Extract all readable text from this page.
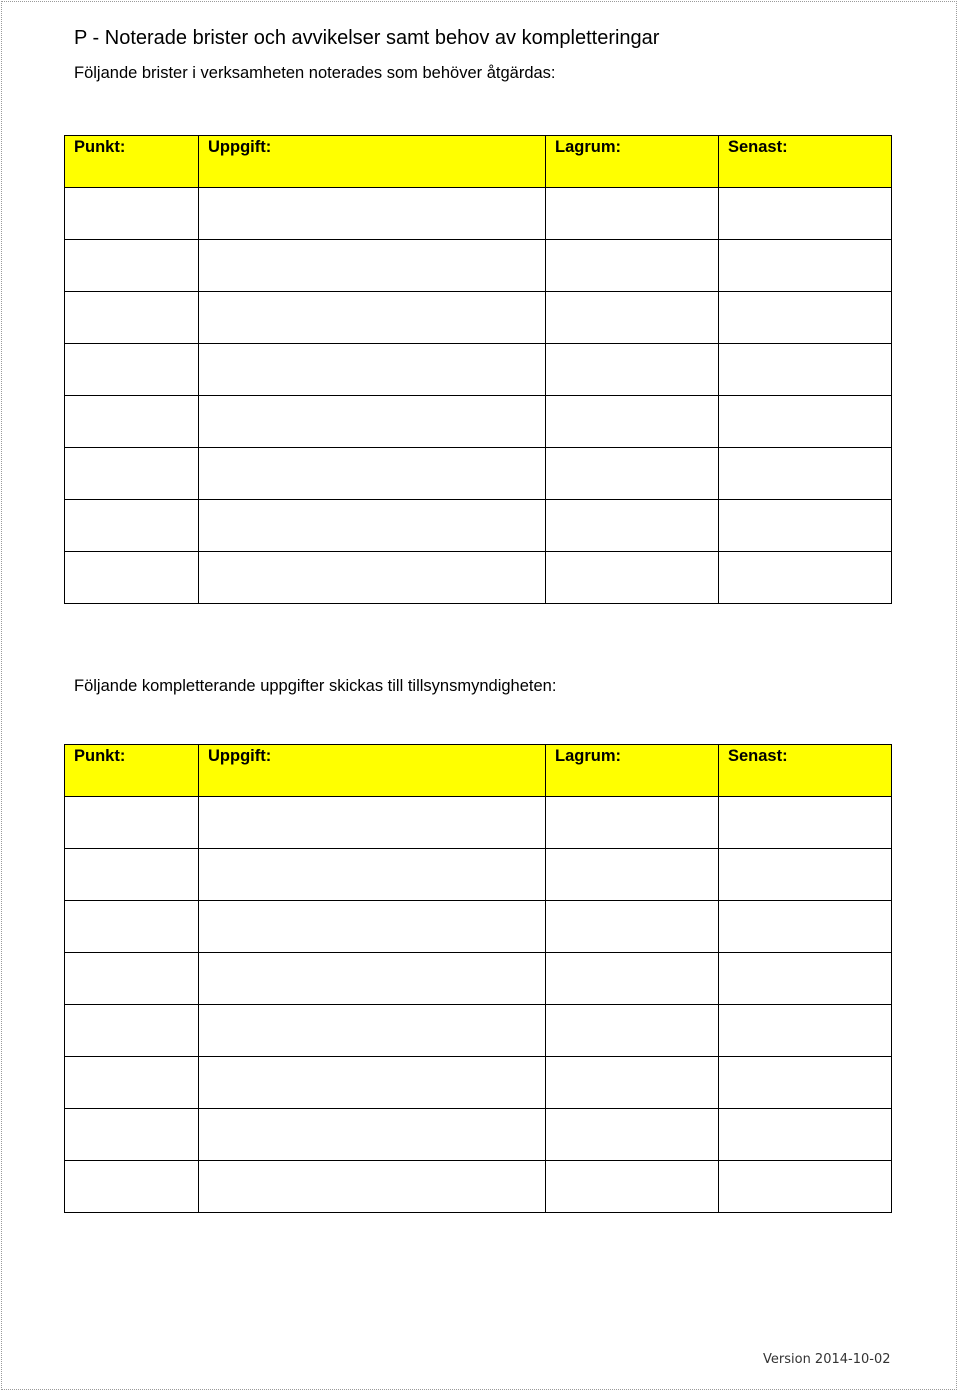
P - Noterade brister och avvikelser samt behov av kompletteringar
Följande brister i verksamheten noterades som behöver åtgärdas:
Punkt:	Uppgift:	Lagrum:	Senast:

Följande kompletterande uppgifter skickas till tillsynsmyndigheten:
Punkt:	Uppgift:	Lagrum:	Senast:

Version 2014-10-02
